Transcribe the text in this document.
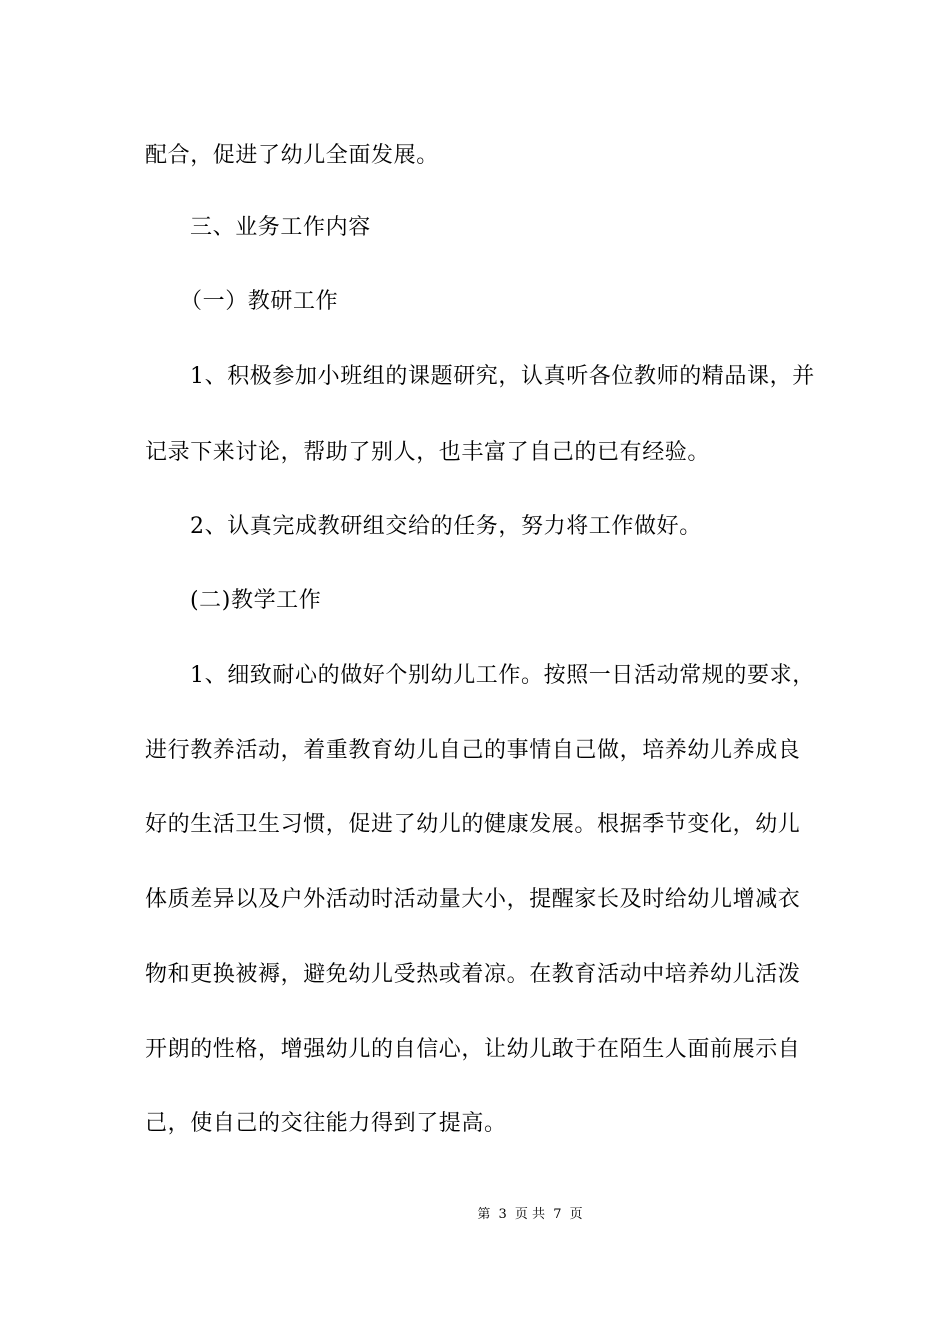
配合，促进了幼儿全面发展。
三、业务工作内容
（一）教研工作
1、积极参加小班组的课题研究，认真听各位教师的精品课，并
记录下来讨论，帮助了别人，也丰富了自己的已有经验。
2、认真完成教研组交给的任务，努力将工作做好。
(二)教学工作
1、细致耐心的做好个别幼儿工作。按照一日活动常规的要求，
进行教养活动，着重教育幼儿自己的事情自己做，培养幼儿养成良
好的生活卫生习惯，促进了幼儿的健康发展。根据季节变化，幼儿
体质差异以及户外活动时活动量大小，提醒家长及时给幼儿增减衣
物和更换被褥，避免幼儿受热或着凉。在教育活动中培养幼儿活泼
开朗的性格，增强幼儿的自信心，让幼儿敢于在陌生人面前展示自
己，使自己的交往能力得到了提高。
第 3 页 共 7 页
